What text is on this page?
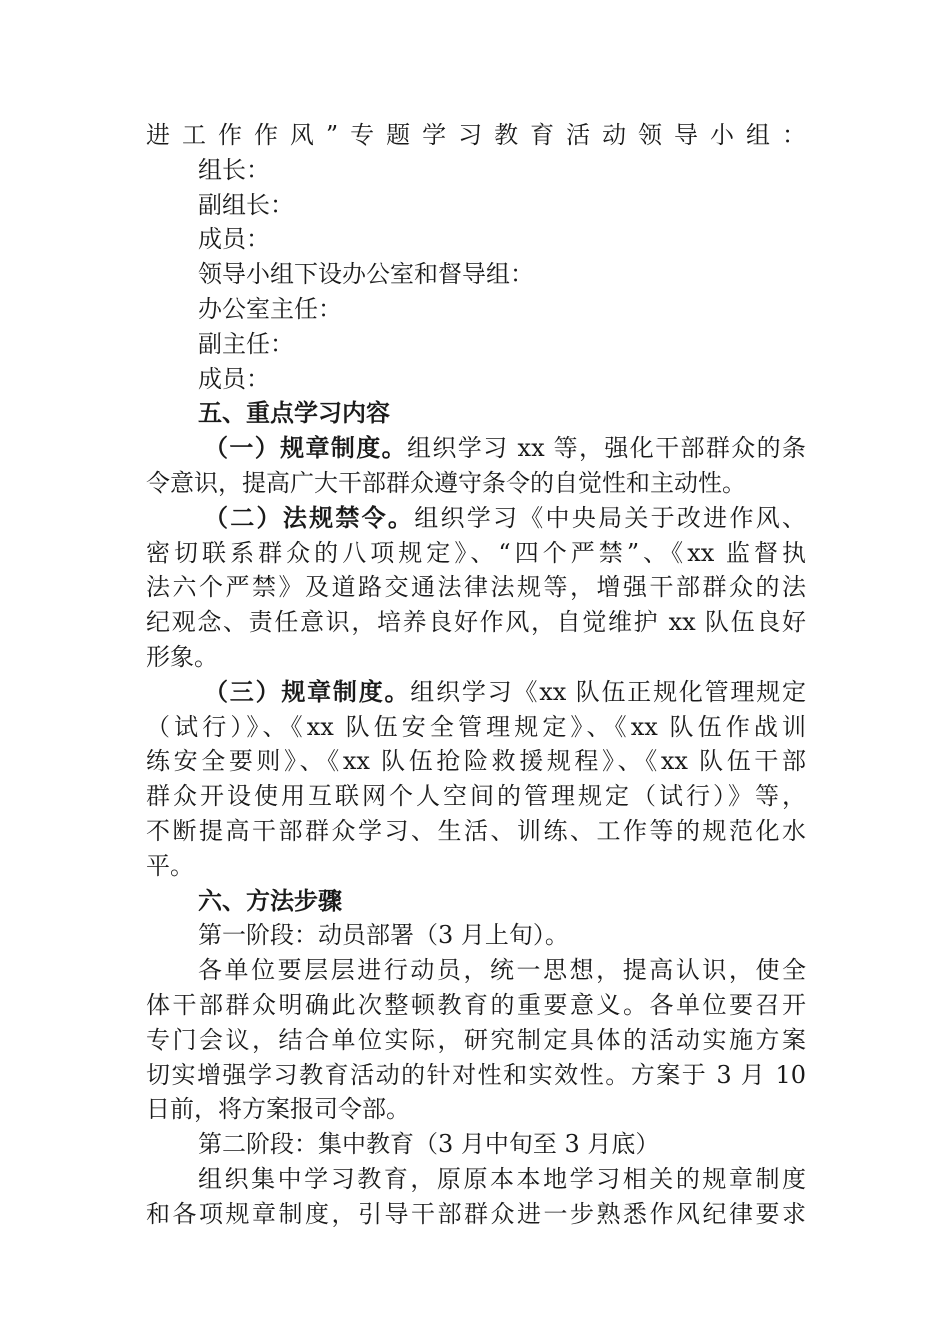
进工作作风”专题学习教育活动领导小组：
组长：
副组长：
成员：
领导小组下设办公室和督导组：
办公室主任：
副主任：
成员：
五、重点学习内容
（一）规章制度。组织学习 xx 等，强化干部群众的条
令意识，提高广大干部群众遵守条令的自觉性和主动性。
（二）法规禁令。组织学习《中央局关于改进作风、
密切联系群众的八项规定》、“四个严禁”、《xx 监督执
法六个严禁》及道路交通法律法规等，增强干部群众的法
纪观念、责任意识，培养良好作风，自觉维护 xx 队伍良好
形象。
（三）规章制度。组织学习《xx 队伍正规化管理规定
（试行）》、《xx 队伍安全管理规定》、《xx 队伍作战训
练安全要则》、《xx 队伍抢险救援规程》、《xx 队伍干部
群众开设使用互联网个人空间的管理规定（试行）》等，
不断提高干部群众学习、生活、训练、工作等的规范化水
平。
六、方法步骤
第一阶段：动员部署（3 月上旬）。
各单位要层层进行动员，统一思想，提高认识，使全
体干部群众明确此次整顿教育的重要意义。各单位要召开
专门会议，结合单位实际，研究制定具体的活动实施方案
切实增强学习教育活动的针对性和实效性。方案于 3 月 10
日前，将方案报司令部。
第二阶段：集中教育（3 月中旬至 3 月底）
组织集中学习教育，原原本本地学习相关的规章制度
和各项规章制度，引导干部群众进一步熟悉作风纪律要求
